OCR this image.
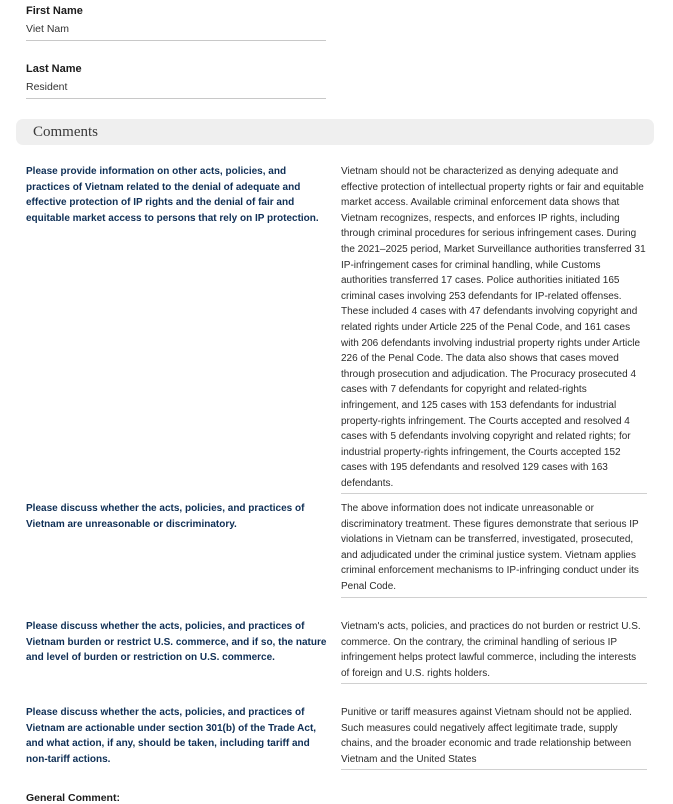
First Name
Viet Nam
Last Name
Resident
Comments
Please provide information on other acts, policies, and practices of Vietnam related to the denial of adequate and effective protection of IP rights and the denial of fair and equitable market access to persons that rely on IP protection.
Vietnam should not be characterized as denying adequate and effective protection of intellectual property rights or fair and equitable market access. Available criminal enforcement data shows that Vietnam recognizes, respects, and enforces IP rights, including through criminal procedures for serious infringement cases. During the 2021–2025 period, Market Surveillance authorities transferred 31 IP-infringement cases for criminal handling, while Customs authorities transferred 17 cases. Police authorities initiated 165 criminal cases involving 253 defendants for IP-related offenses. These included 4 cases with 47 defendants involving copyright and related rights under Article 225 of the Penal Code, and 161 cases with 206 defendants involving industrial property rights under Article 226 of the Penal Code. The data also shows that cases moved through prosecution and adjudication. The Procuracy prosecuted 4 cases with 7 defendants for copyright and related-rights infringement, and 125 cases with 153 defendants for industrial property-rights infringement. The Courts accepted and resolved 4 cases with 5 defendants involving copyright and related rights; for industrial property-rights infringement, the Courts accepted 152 cases with 195 defendants and resolved 129 cases with 163 defendants.
Please discuss whether the acts, policies, and practices of Vietnam are unreasonable or discriminatory.
The above information does not indicate unreasonable or discriminatory treatment. These figures demonstrate that serious IP violations in Vietnam can be transferred, investigated, prosecuted, and adjudicated under the criminal justice system. Vietnam applies criminal enforcement mechanisms to IP-infringing conduct under its Penal Code.
Please discuss whether the acts, policies, and practices of Vietnam burden or restrict U.S. commerce, and if so, the nature and level of burden or restriction on U.S. commerce.
Vietnam's acts, policies, and practices do not burden or restrict U.S. commerce. On the contrary, the criminal handling of serious IP infringement helps protect lawful commerce, including the interests of foreign and U.S. rights holders.
Please discuss whether the acts, policies, and practices of Vietnam are actionable under section 301(b) of the Trade Act, and what action, if any, should be taken, including tariff and non-tariff actions.
Punitive or tariff measures against Vietnam should not be applied. Such measures could negatively affect legitimate trade, supply chains, and the broader economic and trade relationship between Vietnam and the United States
General Comment:
